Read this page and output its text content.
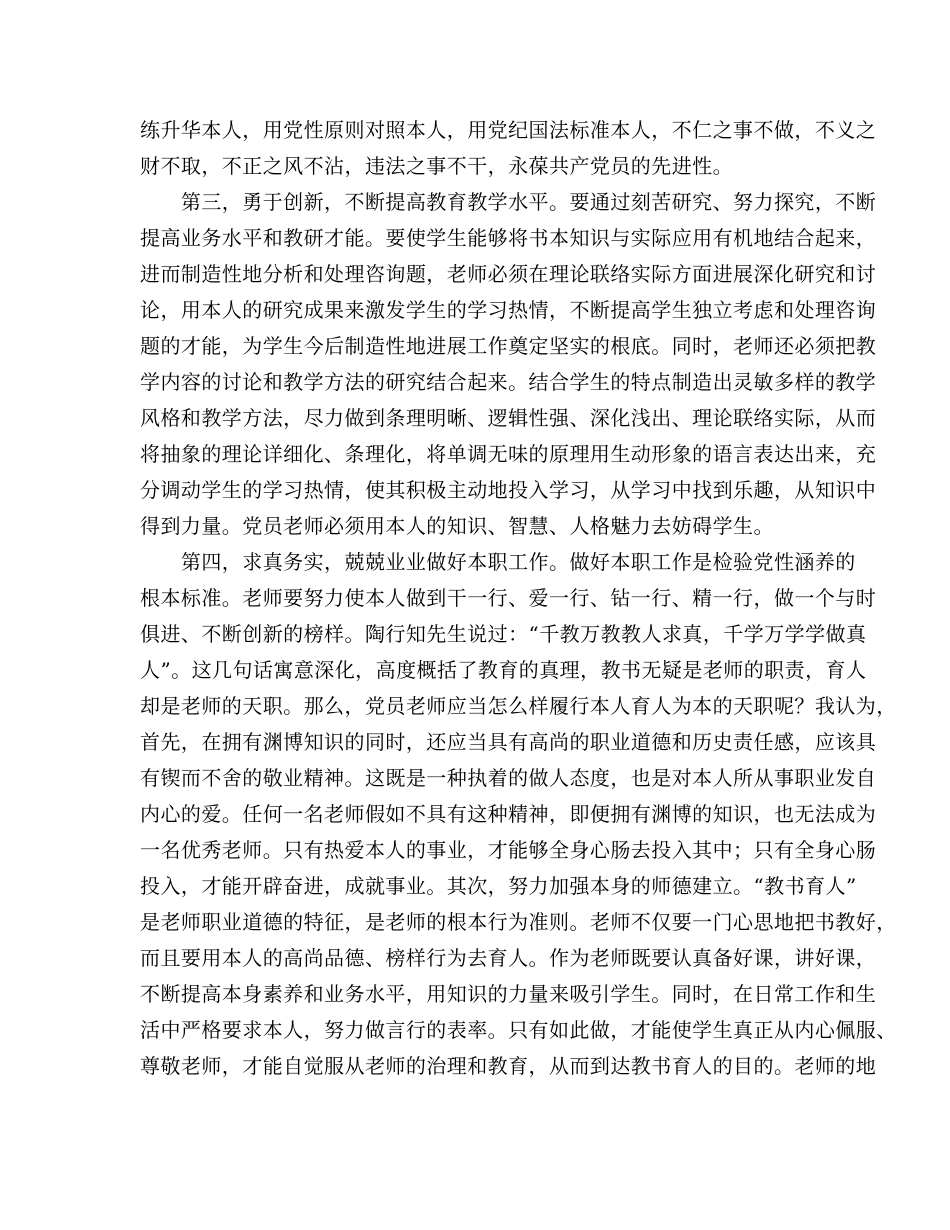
练升华本人，用党性原则对照本人，用党纪国法标准本人，不仁之事不做，不义之
财不取，不正之风不沾，违法之事不干，永葆共产党员的先进性。
　　第三，勇于创新，不断提高教育教学水平。要通过刻苦研究、努力探究，不断
提高业务水平和教研才能。要使学生能够将书本知识与实际应用有机地结合起来，
进而制造性地分析和处理咨询题，老师必须在理论联络实际方面进展深化研究和讨
论，用本人的研究成果来激发学生的学习热情，不断提高学生独立考虑和处理咨询
题的才能，为学生今后制造性地进展工作奠定坚实的根底。同时，老师还必须把教
学内容的讨论和教学方法的研究结合起来。结合学生的特点制造出灵敏多样的教学
风格和教学方法，尽力做到条理明晰、逻辑性强、深化浅出、理论联络实际，从而
将抽象的理论详细化、条理化，将单调无味的原理用生动形象的语言表达出来，充
分调动学生的学习热情，使其积极主动地投入学习，从学习中找到乐趣，从知识中
得到力量。党员老师必须用本人的知识、智慧、人格魅力去妨碍学生。
　　第四，求真务实，兢兢业业做好本职工作。做好本职工作是检验党性涵养的
根本标准。老师要努力使本人做到干一行、爱一行、钻一行、精一行，做一个与时
俱进、不断创新的榜样。陶行知先生说过：“千教万教教人求真，千学万学学做真
人”。这几句话寓意深化，高度概括了教育的真理，教书无疑是老师的职责，育人
却是老师的天职。那么，党员老师应当怎么样履行本人育人为本的天职呢？我认为，
首先，在拥有渊博知识的同时，还应当具有高尚的职业道德和历史责任感，应该具
有锲而不舍的敬业精神。这既是一种执着的做人态度，也是对本人所从事职业发自
内心的爱。任何一名老师假如不具有这种精神，即便拥有渊博的知识，也无法成为
一名优秀老师。只有热爱本人的事业，才能够全身心肠去投入其中；只有全身心肠
投入，才能开辟奋进，成就事业。其次，努力加强本身的师德建立。“教书育人”
是老师职业道德的特征，是老师的根本行为准则。老师不仅要一门心思地把书教好，
而且要用本人的高尚品德、榜样行为去育人。作为老师既要认真备好课，讲好课，
不断提高本身素养和业务水平，用知识的力量来吸引学生。同时，在日常工作和生
活中严格要求本人，努力做言行的表率。只有如此做，才能使学生真正从内心佩服、
尊敬老师，才能自觉服从老师的治理和教育，从而到达教书育人的目的。老师的地
